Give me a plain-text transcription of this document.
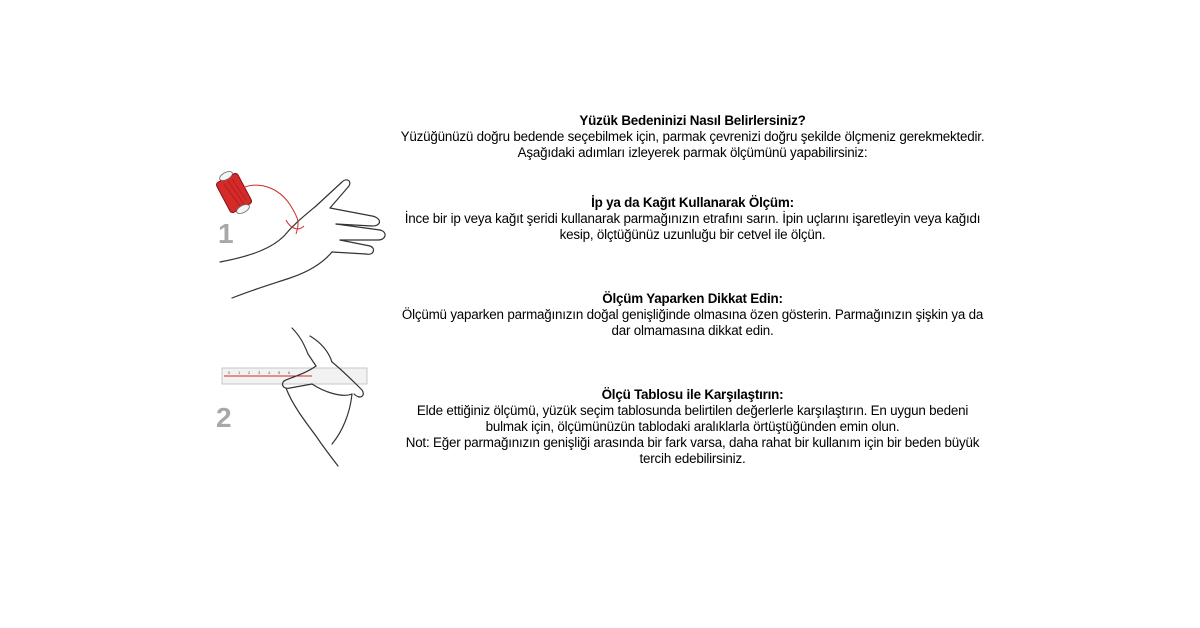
1
0 1 2 3 4 5 6
2
Yüzük Bedeninizi Nasıl Belirlersiniz?

Yüzüğünüzü doğru bedende seçebilmek için, parmak çevrenizi doğru şekilde ölçmeniz gerekmektedir.

Aşağıdaki adımları izleyerek parmak ölçümünü yapabilirsiniz:

İp ya da Kağıt Kullanarak Ölçüm:

İnce bir ip veya kağıt şeridi kullanarak parmağınızın etrafını sarın. İpin uçlarını işaretleyin veya kağıdı

kesip, ölçtüğünüz uzunluğu bir cetvel ile ölçün.

Ölçüm Yaparken Dikkat Edin:

Ölçümü yaparken parmağınızın doğal genişliğinde olmasına özen gösterin. Parmağınızın şişkin ya da

dar olmamasına dikkat edin.

Ölçü Tablosu ile Karşılaştırın:

Elde ettiğiniz ölçümü, yüzük seçim tablosunda belirtilen değerlerle karşılaştırın. En uygun bedeni

bulmak için, ölçümünüzün tablodaki aralıklarla örtüştüğünden emin olun.

Not: Eğer parmağınızın genişliği arasında bir fark varsa, daha rahat bir kullanım için bir beden büyük

tercih edebilirsiniz.
